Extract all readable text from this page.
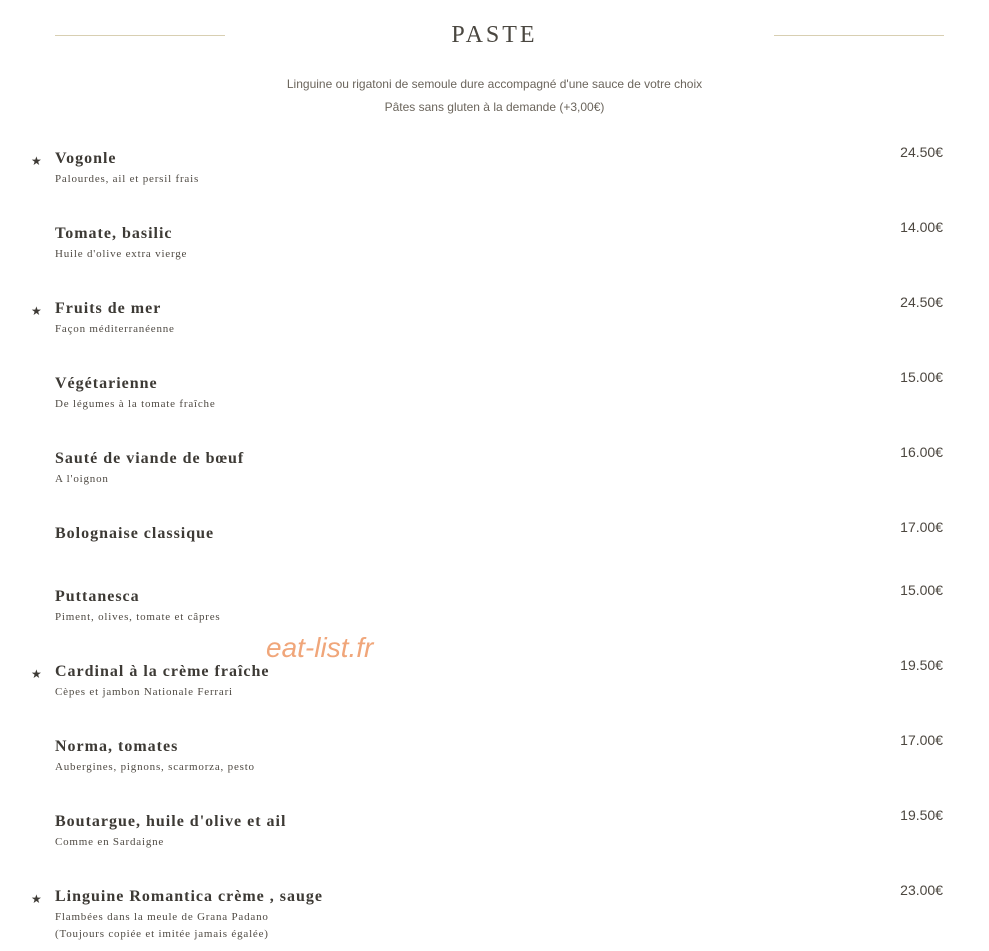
PASTE
Linguine ou rigatoni de semoule dure accompagné d'une sauce de votre choix
Pâtes sans gluten à la demande (+3,00€)
★ Vogonle
Palourdes, ail et persil frais
24.50€
Tomate, basilic
Huile d'olive extra vierge
14.00€
★ Fruits de mer
Façon méditerranéenne
24.50€
Végétarienne
De légumes à la tomate fraîche
15.00€
Sauté de viande de bœuf
A l'oignon
16.00€
Bolognaise classique	17.00€
Puttanesca
Piment, olives, tomate et câpres
15.00€
★ Cardinal à la crème fraîche
Cèpes et jambon Nationale Ferrari
19.50€
Norma, tomates
Aubergines, pignons, scarmorza, pesto
17.00€
Boutargue, huile d'olive et ail
Comme en Sardaigne
19.50€
★ Linguine Romantica crème , sauge
Flambées dans la meule de Grana Padano
(Toujours copiée et imitée jamais égalée)
23.00€
eat-list.fr
